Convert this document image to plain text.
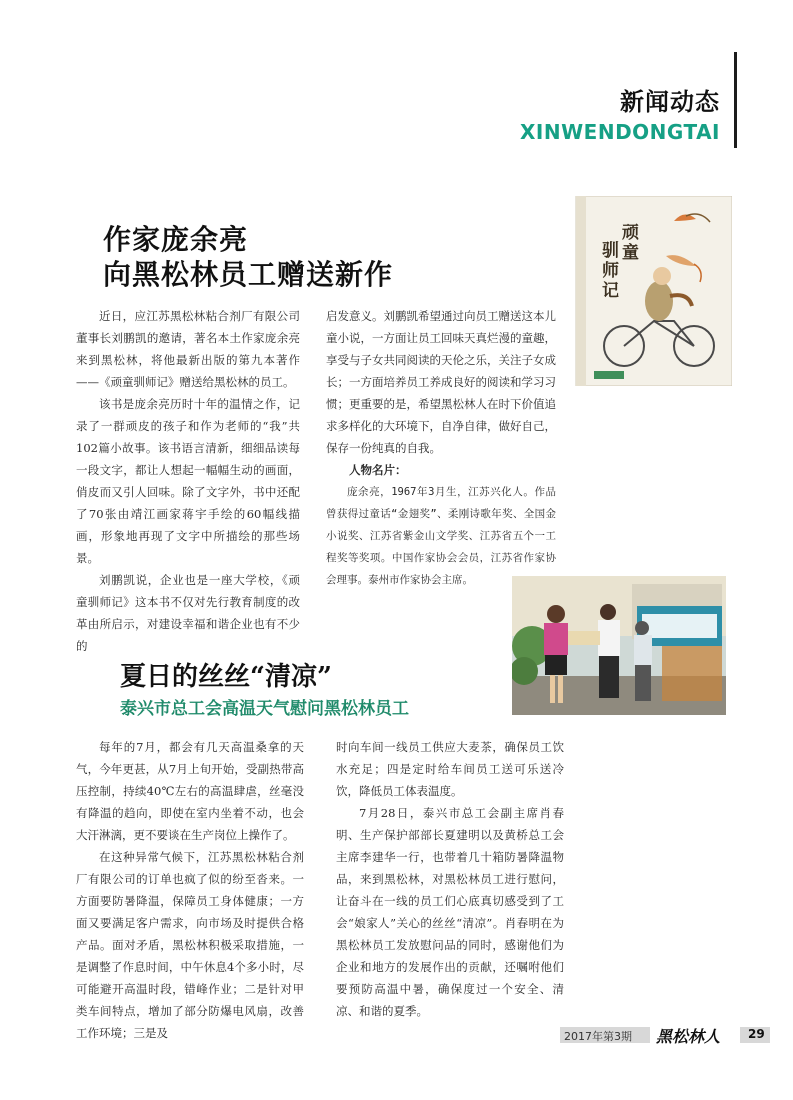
新闻动态
XINWENDONGTAI
作家庞余亮
向黑松林员工赠送新作

近日，应江苏黑松林粘合剂厂有限公司董事长刘鹏凯的邀请，著名本土作家庞余亮来到黑松林，将他最新出版的第九本著作——《顽童驯师记》赠送给黑松林的员工。

该书是庞余亮历时十年的温情之作，记录了一群顽皮的孩子和作为老师的“我”共102篇小故事。该书语言清新，细细品读每一段文字，都让人想起一幅幅生动的画面，俏皮而又引人回味。除了文字外，书中还配了70张由靖江画家蒋宇手绘的60幅线描画，形象地再现了文字中所描绘的那些场景。

刘鹏凯说，企业也是一座大学校，《顽童驯师记》这本书不仅对先行教育制度的改革由所启示，对建设幸福和谐企业也有不少的

启发意义。刘鹏凯希望通过向员工赠送这本儿童小说，一方面让员工回味天真烂漫的童趣，享受与子女共同阅读的天伦之乐，关注子女成长；一方面培养员工养成良好的阅读和学习习惯；更重要的是，希望黑松林人在时下价值追求多样化的大环境下，自净自律，做好自己，保存一份纯真的自我。

人物名片：

庞余亮，1967年3月生，江苏兴化人。作品曾获得过童话“金翅奖”、柔刚诗歌年奖、全国金小说奖、江苏省紫金山文学奖、江苏省五个一工程奖等奖项。中国作家协会会员，江苏省作家协会理事。泰州市作家协会主席。

顽
童
驯
师
记
夏日的丝丝“清凉”
泰兴市总工会高温天气慰问黑松林员工

每年的7月，都会有几天高温桑拿的天气，今年更甚，从7月上旬开始，受副热带高压控制，持续40℃左右的高温肆虐，丝毫没有降温的趋向，即使在室内坐着不动，也会大汗淋漓，更不要谈在生产岗位上操作了。

在这种异常气候下，江苏黑松林粘合剂厂有限公司的订单也疯了似的纷至沓来。一方面要防暑降温，保障员工身体健康；一方面又要满足客户需求，向市场及时提供合格产品。面对矛盾，黑松林积极采取措施，一是调整了作息时间，中午休息4个多小时，尽可能避开高温时段，错峰作业；二是针对甲类车间特点，增加了部分防爆电风扇，改善工作环境；三是及

时向车间一线员工供应大麦茶，确保员工饮水充足；四是定时给车间员工送可乐送冷饮，降低员工体表温度。

7月28日，泰兴市总工会副主席肖春明、生产保护部部长夏建明以及黄桥总工会主席李建华一行，也带着几十箱防暑降温物品，来到黑松林，对黑松林员工进行慰问，让奋斗在一线的员工们心底真切感受到了工会“娘家人”关心的丝丝“清凉”。肖春明在为黑松林员工发放慰问品的同时，感谢他们为企业和地方的发展作出的贡献，还嘱咐他们要预防高温中暑，确保度过一个安全、清凉、和谐的夏季。

2017年第3期 黑松林人 29
